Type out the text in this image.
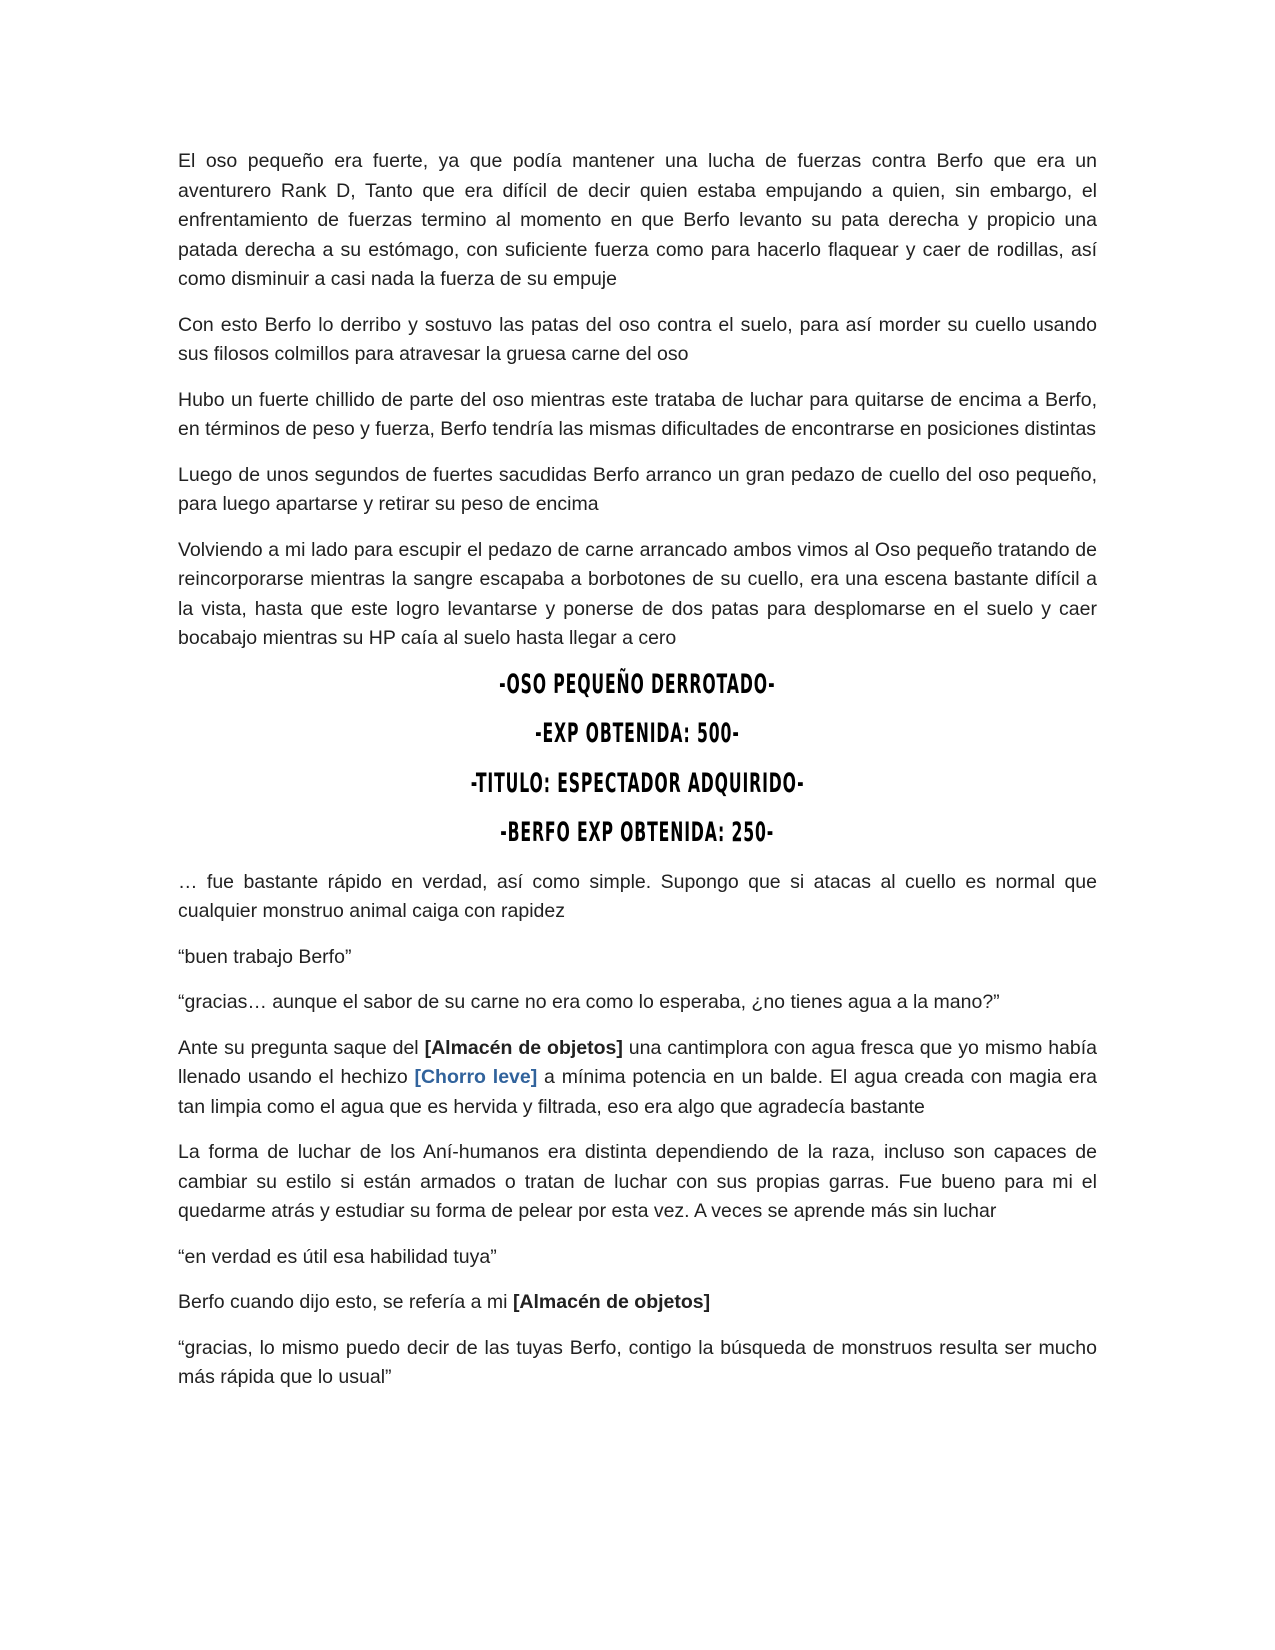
El oso pequeño era fuerte, ya que podía mantener una lucha de fuerzas contra Berfo que era un aventurero Rank D, Tanto que era difícil de decir quien estaba empujando a quien, sin embargo, el enfrentamiento de fuerzas termino al momento en que Berfo levanto su pata derecha y propicio una patada derecha a su estómago, con suficiente fuerza como para hacerlo flaquear y caer de rodillas, así como disminuir a casi nada la fuerza de su empuje

Con esto Berfo lo derribo y sostuvo las patas del oso contra el suelo, para así morder su cuello usando sus filosos colmillos para atravesar la gruesa carne del oso

Hubo un fuerte chillido de parte del oso mientras este trataba de luchar para quitarse de encima a Berfo, en términos de peso y fuerza, Berfo tendría las mismas dificultades de encontrarse en posiciones distintas

Luego de unos segundos de fuertes sacudidas Berfo arranco un gran pedazo de cuello del oso pequeño, para luego apartarse y retirar su peso de encima

Volviendo a mi lado para escupir el pedazo de carne arrancado ambos vimos al Oso pequeño tratando de reincorporarse mientras la sangre escapaba a borbotones de su cuello, era una escena bastante difícil a la vista, hasta que este logro levantarse y ponerse de dos patas para desplomarse en el suelo y caer bocabajo mientras su HP caía al suelo hasta llegar a cero

-OSO PEQUEÑO DERROTADO-

-EXP OBTENIDA: 500-

-TITULO: ESPECTADOR ADQUIRIDO-

-BERFO EXP OBTENIDA: 250-

… fue bastante rápido en verdad, así como simple. Supongo que si atacas al cuello es normal que cualquier monstruo animal caiga con rapidez

“buen trabajo Berfo”

“gracias… aunque el sabor de su carne no era como lo esperaba, ¿no tienes agua a la mano?”

Ante su pregunta saque del [Almacén de objetos] una cantimplora con agua fresca que yo mismo había llenado usando el hechizo [Chorro leve] a mínima potencia en un balde. El agua creada con magia era tan limpia como el agua que es hervida y filtrada, eso era algo que agradecía bastante

La forma de luchar de los Aní-humanos era distinta dependiendo de la raza, incluso son capaces de cambiar su estilo si están armados o tratan de luchar con sus propias garras. Fue bueno para mi el quedarme atrás y estudiar su forma de pelear por esta vez. A veces se aprende más sin luchar

“en verdad es útil esa habilidad tuya”

Berfo cuando dijo esto, se refería a mi [Almacén de objetos]

“gracias, lo mismo puedo decir de las tuyas Berfo, contigo la búsqueda de monstruos resulta ser mucho más rápida que lo usual”
